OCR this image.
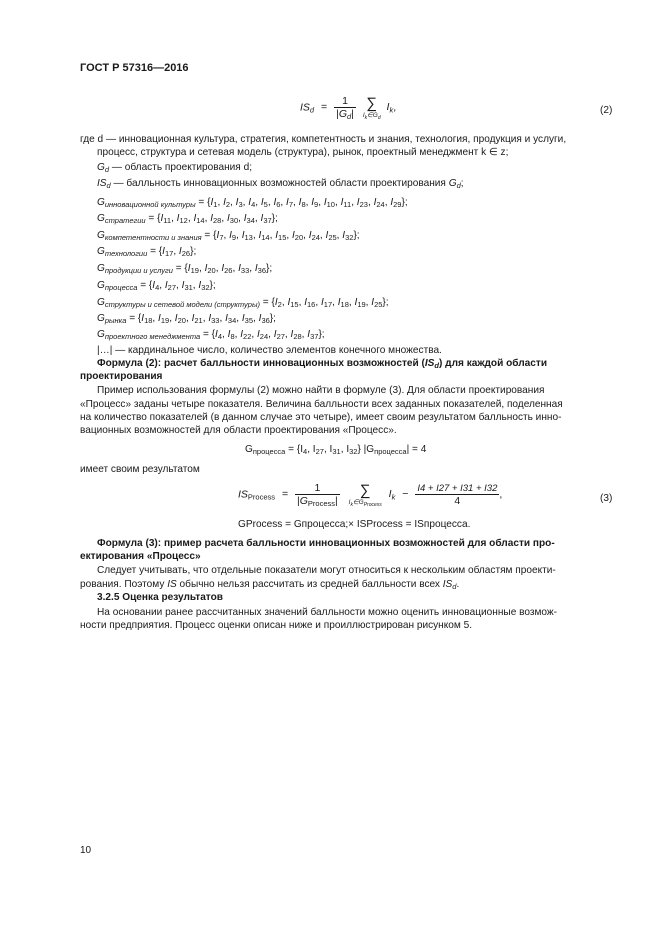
ГОСТ Р 57316—2016
$IS_d = \frac{1}{|G_d|}$
∑
$I_k\in G_d$
$I_k$,	(2)
где d — инновационная культура, стратегия, компетентность и знания, технология, продукция и услуги,
процесс, структура и сетевая модель (структура), рынок, проектный менеджмент k ∈ z;
$G_d$ — область проектирования d;
$IS_d$ — балльность инновационных возможностей области проектирования $G_d$;
Gинновационной культуры = {$I_1$, $I_2$, $I_3$, $I_4$, $I_5$, $I_6$, $I_7$, $I_8$, $I_9$, $I_{10}$, $I_{11}$, $I_{23}$, $I_{24}$, $I_{29}$};
Gстратегии = {$I_{11}$, $I_{12}$, $I_{14}$, $I_{28}$, $I_{30}$, $I_{34}$, $I_{37}$};
Gкомпетентности и знания = {$I_7$, $I_9$, $I_{13}$, $I_{14}$, $I_{15}$, $I_{20}$, $I_{24}$, $I_{25}$, $I_{32}$};
Gтехнологии = {$I_{17}$, $I_{26}$};
Gпродукции и услуги = {$I_{19}$, $I_{20}$, $I_{26}$, $I_{33}$, $I_{36}$};
Gпроцесса = {$I_4$, $I_{27}$, $I_{31}$, $I_{32}$};
Gструктуры и сетевой модели (структуры) = {$I_2$, $I_{15}$, $I_{16}$, $I_{17}$, $I_{18}$, $I_{19}$, $I_{25}$};
Gрынка = {$I_{18}$, $I_{19}$, $I_{20}$, $I_{21}$, $I_{33}$, $I_{34}$, $I_{35}$, $I_{36}$};
Gпроектного менеджмента = {$I_4$, $I_8$, $I_{22}$, $I_{24}$, $I_{27}$, $I_{28}$, $I_{37}$};
|…| — кардинальное число, количество элементов конечного множества.
Формула (2): расчет балльности инновационных возможностей $(IS_d)$ для каждой области
проектирования
Пример использования формулы (2) можно найти в формуле (3). Для области проектирования
«Процесс» заданы четыре показателя. Величина балльности всех заданных показателей, поделенная
на количество показателей (в данном случае это четыре), имеет своим результатом балльность инно-
вационных возможностей для области проектирования «Процесс».
$G_{процесса} = \{I_4$, $I_{27}$, $I_{31}$, $I_{32}$} $|G_{процесса}| = 4$
имеет своим результатом
$IS_{Process} = \frac{1}{|G_{Process}|}$
	∑
$I_k\in G_{Process}$
$I_k - \frac{I4 + I27 + I31 + I32}{4}$ ,	(3)
GProcess = Gпроцесса;× ISProcess = ISпроцесса.
Формула (3): пример расчета балльности инновационных возможностей для области про-
ектирования «Процесс»
Следует учитывать, что отдельные показатели могут относиться к нескольким областям проекти-
рования. Поэтому IS обычно нельзя рассчитать из средней балльности всех $IS_d$.
3.2.5 Оценка результатов
На основании ранее рассчитанных значений балльности можно оценить инновационные возмож-
ности предприятия. Процесс оценки описан ниже и проиллюстрирован рисунком 5.
10
